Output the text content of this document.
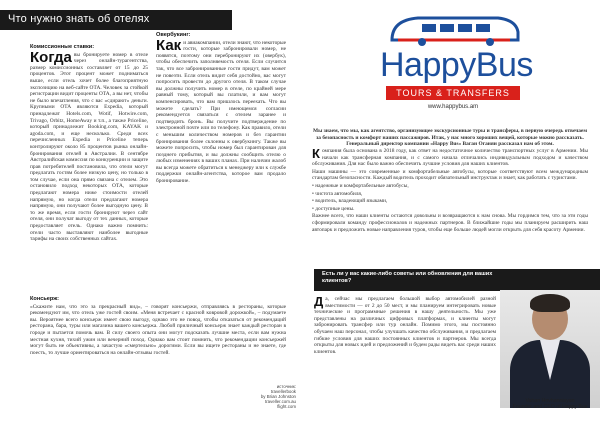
Что нужно знать об отелях
Комиссионные ставки:
Когда вы бронируете номер в отеле через онлайн-турагентства, размер комиссионных составляет от 15 до 25 процентов. Этот процент может подниматься выше, если отель хочет более благоприятную экспозицию на веб-сайте ОТА. Человек за стойкой регистрации видит проценты ОТА, а вы нет, чтобы не было впечатления, что с вас «сдирают» деньги. Крупными ОТА являются Expedia, который принадлежат Hotels.com, Wotif, Hotwire.com, Trivago, Orbitz, HomeAway и т.п., а также Priceline, который принадлежит Booking.com, KAYAK и agoda.com, и еще несколько. Среди всех перечисленных Expedia и Priceline теперь контролируют около 85 процентов рынка онлайн-бронирования отелей в Австралии. В сентябре Австралийская комиссия по конкуренции и защите прав потребителей постановила, что отели могут предлагать гостям более низкую цену, но только в том случае, если она прямо связана с отелем. Это остановило подход некоторых ОТА, которые предлагают номера ниже стоимости отелей напрямую, но когда отели предлагают номера напрямую, они получают более выгодную цену. В то же время, если гости бронируют через сайт отеля, они получат выгоду от тех данных, которые предоставляет отель. Однако важно помнить: отели часто выставляют наиболее выгодные тарифы на своих собственных сайтах.
Овербукинг:
Как и авиакомпании, отели знают, что некоторые гости, которые забронировали номер, не появятся, поэтому они перебронируют их (овербук), чтобы обеспечить заполняемость отеля. Если случится так, что все забронированные гости придут, вам может не повезти. Если отель видит себя достойно, вас могут попросить провести до другого отеля. В таком случае вы должны получить номер в отеле, по крайней мере равный тому, который вы платили, и вам могут компенсировать, что вам пришлось переехать. Что вы можете сделать? При имеющемся согласии рекомендуется связаться с отелем заранее и подтвердить бронь. Вы получите подтверждение по электронной почте или по телефону. Как правило, отели с меньшим количеством номеров и без гарантии бронирования более склонны к овербукингу. Также вы можете попросить, чтобы номер был гарантирован для позднего прибытия, и вы должны сообщить отелю о любых изменениях в ваших планах. При наличии жалоб вы всегда можете обратиться к менеджеру или к службе поддержки онлайн-агентства, которое вам продало бронирование.
Консьерж:
«Скажите нам, что это за прекрасный вид», – говорят консьержи, отправляясь в рестораны, которые рекомендуют им, что отель уже гостей своим. «Меня встречает с красной ковровой дорожкой», – подумаете вы. Вероятнее всего консьерж имеет свою выгоду, однако это не повод, чтобы отказаться от рекомендаций ресторана, бара, туры или магазина вашего консьержа. Любой приличный консьерж знает каждый ресторан в городе и пытается помочь вам. В силу своего опыта они могут подсказать лучшие места, если вам нужна местная кухня, тихий ужин или вечерний поход. Однако вам стоит помнить, что рекомендации консьержей могут быть не объективны, а зачастую «смертельно» дорогими. Если вы ищете рестораны и не знаете, где поесть, то лучше ориентироваться на онлайн-отзывы гостей.
источник:
travellerbook
by Brian Johnston
traveller.com.au
flight.com
HappyBus
TOURS & TRANSFERS
www.happybus.am
Мы знаем, что мы, как агентство, организующее экскурсионные туры и трансферы, в первую очередь отвечаем за безопасность и комфорт наших пассажиров. Итак, у нас много хороших вещей, которые можно рассказать. Генеральный директор компании «Happy Bus» Ваган Оганян рассказал нам об этом.

Компания была основана в 2018 году, как ответ на недостаточное количество транспортных услуг в Армении. Мы начали как трансферная компания, и с самого начала отличались индивидуальным подходом и качеством обслуживания. Для нас было важно обеспечить лучшие условия для наших клиентов.

Наши машины — это современные и комфортабельные автобусы, которые соответствуют всем международным стандартам безопасности. Каждый водитель проходит обязательный инструктаж и знает, как работать с туристами.

• надежные и комфортабельные автобусы,

• чистота автомобиля,

• водитель, владеющий языками,

• доступные цены.

Важнее всего, что наши клиенты остаются довольны и возвращаются к нам снова. Мы гордимся тем, что за эти годы сформировали команду профессионалов и надежных партнеров. В ближайшие годы мы планируем расширить наш автопарк и предложить новые направления туров, чтобы еще больше людей могли открыть для себя красоту Армении.

Есть ли у вас какие-либо советы или обновления для ваших клиентов?
Д а, сейчас мы предлагаем большой выбор автомобилей разной вместимости — от 2 до 50 мест, и мы планируем интегрировать новые технические и программные решения в нашу деятельность. Мы уже представлены на различных цифровых платформах, и клиенты могут забронировать трансфер или тур онлайн. Помимо этого, мы постоянно обучаем наш персонал, чтобы улучшать качество обслуживания, и предлагаем гибкие условия для наших постоянных клиентов и партнеров. Мы всегда открыты для новых идей и предложений и будем рады видеть вас среди наших клиентов.
Vahan Hovhannisyan
Founder and CEO of Happy Bus
